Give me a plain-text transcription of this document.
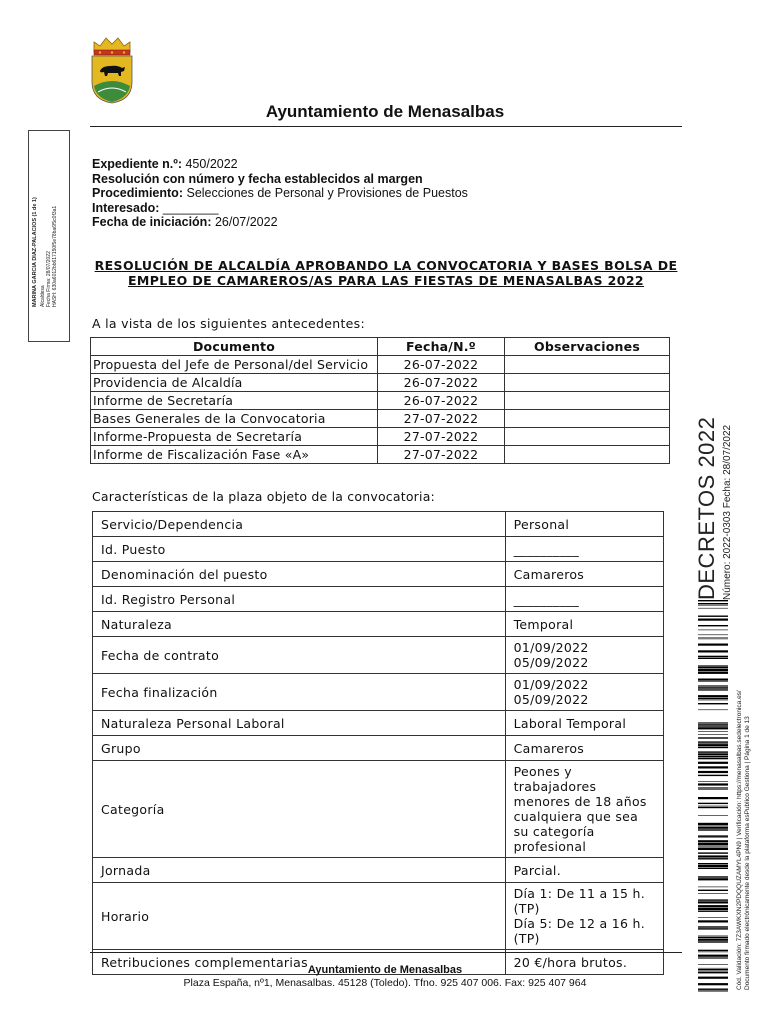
Ayuntamiento de Menasalbas
MARINA GARCIA DIAZ-PALACIOS (1 de 1) Alcaldesa Fecha Firma: 28/07/2022 HASH: 630a6012bb617150f5e78ba6f5c0f3a1
Expediente n.º: 450/2022
Resolución con número y fecha establecidos al margen
Procedimiento: Selecciones de Personal y Provisiones de Puestos
Interesado: ________
Fecha de iniciación: 26/07/2022
RESOLUCIÓN DE ALCALDÍA APROBANDO LA CONVOCATORIA Y BASES BOLSA DE
EMPLEO DE CAMAREROS/AS PARA LAS FIESTAS DE MENASALBAS 2022
A la vista de los siguientes antecedentes:
Documento	Fecha/N.º	Observaciones
Propuesta del Jefe de Personal/del Servicio	26-07-2022	
Providencia de Alcaldía	26-07-2022	
Informe de Secretaría	26-07-2022	
Bases Generales de la Convocatoria	27-07-2022	
Informe-Propuesta de Secretaría	27-07-2022	
Informe de Fiscalización Fase «A»	27-07-2022	
Características de la plaza objeto de la convocatoria:
Servicio/Dependencia	Personal
Id. Puesto	__________
Denominación del puesto	Camareros
Id. Registro Personal	__________
Naturaleza	Temporal
Fecha de contrato	01/09/2022
05/09/2022
Fecha finalización	01/09/2022
05/09/2022
Naturaleza Personal Laboral	Laboral Temporal
Grupo	Camareros
Categoría	Peones y trabajadores menores de 18 años cualquiera que sea su categoría profesional
Jornada	Parcial.
Horario	Día 1: De 11 a 15 h.(TP)
Día 5: De 12 a 16 h.(TP)
Retribuciones complementarias	20 €/hora brutos.
DECRETOS 2022 Número: 2022-0303 Fecha: 28/07/2022
Cód. Validación: 7Z3AWKXN2PDQQUZAMYL4PN9 | Verificación: https://menasalbas.sedelectronica.es/ Documento firmado electrónicamente desde la plataforma esPublico Gestiona | Página 1 de 13
Ayuntamiento de Menasalbas
Plaza España, nº1, Menasalbas. 45128 (Toledo). Tfno. 925 407 006. Fax: 925 407 964
